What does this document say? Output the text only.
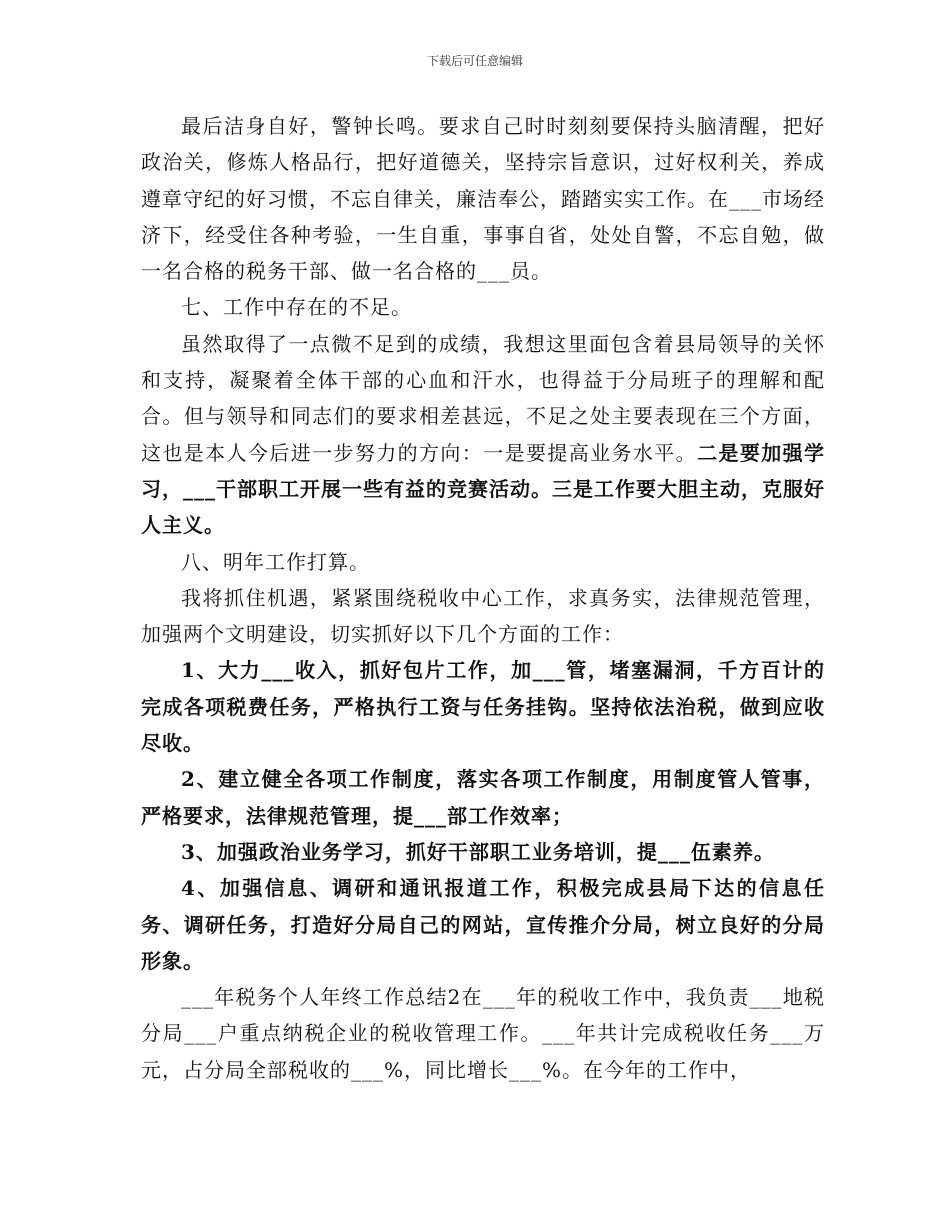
下载后可任意编辑

最后洁身自好，警钟长鸣。要求自己时时刻刻要保持头脑清醒，把好政治关，修炼人格品行，把好道德关，坚持宗旨意识，过好权利关，养成遵章守纪的好习惯，不忘自律关，廉洁奉公，踏踏实实工作。在___市场经济下，经受住各种考验，一生自重，事事自省，处处自警，不忘自勉，做一名合格的税务干部、做一名合格的___员。

七、工作中存在的不足。

虽然取得了一点微不足到的成绩，我想这里面包含着县局领导的关怀和支持，凝聚着全体干部的心血和汗水，也得益于分局班子的理解和配合。但与领导和同志们的要求相差甚远，不足之处主要表现在三个方面，这也是本人今后进一步努力的方向：一是要提高业务水平。二是要加强学习，___干部职工开展一些有益的竞赛活动。三是工作要大胆主动，克服好人主义。

八、明年工作打算。

我将抓住机遇，紧紧围绕税收中心工作，求真务实，法律规范管理，加强两个文明建设，切实抓好以下几个方面的工作：

1、大力___收入，抓好包片工作，加___管，堵塞漏洞，千方百计的完成各项税费任务，严格执行工资与任务挂钩。坚持依法治税，做到应收尽收。

2、建立健全各项工作制度，落实各项工作制度，用制度管人管事，严格要求，法律规范管理，提___部工作效率；

3、加强政治业务学习，抓好干部职工业务培训，提___伍素养。

4、加强信息、调研和通讯报道工作，积极完成县局下达的信息任务、调研任务，打造好分局自己的网站，宣传推介分局，树立良好的分局形象。

___年税务个人年终工作总结2在___年的税收工作中，我负责___地税分局___户重点纳税企业的税收管理工作。___年共计完成税收任务___万元，占分局全部税收的___%，同比增长___%。在今年的工作中，
